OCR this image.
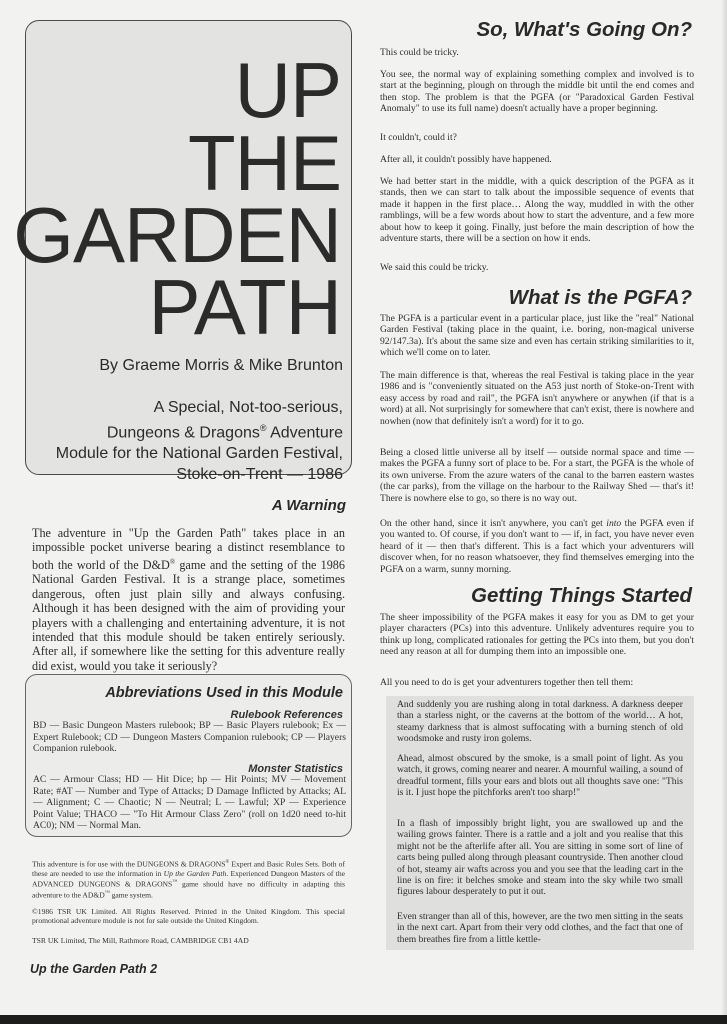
UP
THE
GARDEN
PATH
By Graeme Morris & Mike Brunton
A Special, Not-too-serious,
Dungeons & Dragons® Adventure
Module for the National Garden Festival,
Stoke-on-Trent — 1986
A Warning
The adventure in "Up the Garden Path" takes place in an impossible pocket universe bearing a distinct resemblance to both the world of the D&D® game and the setting of the 1986 National Garden Festival. It is a strange place, sometimes dangerous, often just plain silly and always confusing. Although it has been designed with the aim of providing your players with a challenging and entertaining adventure, it is not intended that this module should be taken entirely seriously. After all, if somewhere like the setting for this adventure really did exist, would you take it seriously?
Abbreviations Used in this Module
Rulebook References
BD — Basic Dungeon Masters rulebook; BP — Basic Players rulebook; Ex — Expert Rulebook; CD — Dungeon Masters Companion rulebook; CP — Players Companion rulebook.
Monster Statistics
AC — Armour Class; HD — Hit Dice; hp — Hit Points; MV — Movement Rate; #AT — Number and Type of Attacks; D Damage Inflicted by Attacks; AL — Alignment; C — Chaotic; N — Neutral; L — Lawful; XP — Experience Point Value; THACO — "To Hit Armour Class Zero" (roll on 1d20 need to-hit AC0); NM — Normal Man.
This adventure is for use with the DUNGEONS & DRAGONS® Expert and Basic Rules Sets. Both of these are needed to use the information in Up the Garden Path. Experienced Dungeon Masters of the ADVANCED DUNGEONS & DRAGONS™ game should have no difficulty in adapting this adventure to the AD&D™ game system.
©1986 TSR UK Limited. All Rights Reserved. Printed in the United Kingdom. This special promotional adventure module is not for sale outside the United Kingdom.
TSR UK Limited, The Mill, Rathmore Road, CAMBRIDGE CB1 4AD
Up the Garden Path 2
So, What's Going On?
This could be tricky.
You see, the normal way of explaining something complex and involved is to start at the beginning, plough on through the middle bit until the end comes and then stop. The problem is that the PGFA (or "Paradoxical Garden Festival Anomaly" to use its full name) doesn't actually have a proper beginning.
It couldn't, could it?
After all, it couldn't possibly have happened.
We had better start in the middle, with a quick description of the PGFA as it stands, then we can start to talk about the impossible sequence of events that made it happen in the first place… Along the way, muddled in with the other ramblings, will be a few words about how to start the adventure, and a few more about how to keep it going. Finally, just before the main description of how the adventure starts, there will be a section on how it ends.
We said this could be tricky.
What is the PGFA?
The PGFA is a particular event in a particular place, just like the "real" National Garden Festival (taking place in the quaint, i.e. boring, non-magical universe 92/147.3a). It's about the same size and even has certain striking similarities to it, which we'll come on to later.
The main difference is that, whereas the real Festival is taking place in the year 1986 and is "conveniently situated on the A53 just north of Stoke-on-Trent with easy access by road and rail", the PGFA isn't anywhere or anywhen (if that is a word) at all. Not surprisingly for somewhere that can't exist, there is nowhere and nowhen (now that definitely isn't a word) for it to go.
Being a closed little universe all by itself — outside normal space and time — makes the PGFA a funny sort of place to be. For a start, the PGFA is the whole of its own universe. From the azure waters of the canal to the barren eastern wastes (the car parks), from the village on the harbour to the Railway Shed — that's it! There is nowhere else to go, so there is no way out.
On the other hand, since it isn't anywhere, you can't get into the PGFA even if you wanted to. Of course, if you don't want to — if, in fact, you have never even heard of it — then that's different. This is a fact which your adventurers will discover when, for no reason whatsoever, they find themselves emerging into the PGFA on a warm, sunny morning.
Getting Things Started
The sheer impossibility of the PGFA makes it easy for you as DM to get your player characters (PCs) into this adventure. Unlikely adventures require you to think up long, complicated rationales for getting the PCs into them, but you don't need any reason at all for dumping them into an impossible one.
All you need to do is get your adventurers together then tell them:
And suddenly you are rushing along in total darkness. A darkness deeper than a starless night, or the caverns at the bottom of the world… A hot, steamy darkness that is almost suffocating with a burning stench of old woodsmoke and rusty iron golems.
Ahead, almost obscured by the smoke, is a small point of light. As you watch, it grows, coming nearer and nearer. A mournful wailing, a sound of dreadful torment, fills your ears and blots out all thoughts save one: "This is it. I just hope the pitchforks aren't too sharp!"
In a flash of impossibly bright light, you are swallowed up and the wailing grows fainter. There is a rattle and a jolt and you realise that this might not be the afterlife after all. You are sitting in some sort of line of carts being pulled along through pleasant countryside. Then another cloud of hot, steamy air wafts across you and you see that the leading cart in the line is on fire: it belches smoke and steam into the sky while two small figures labour desperately to put it out.
Even stranger than all of this, however, are the two men sitting in the seats in the next cart. Apart from their very odd clothes, and the fact that one of them breathes fire from a little kettle-
